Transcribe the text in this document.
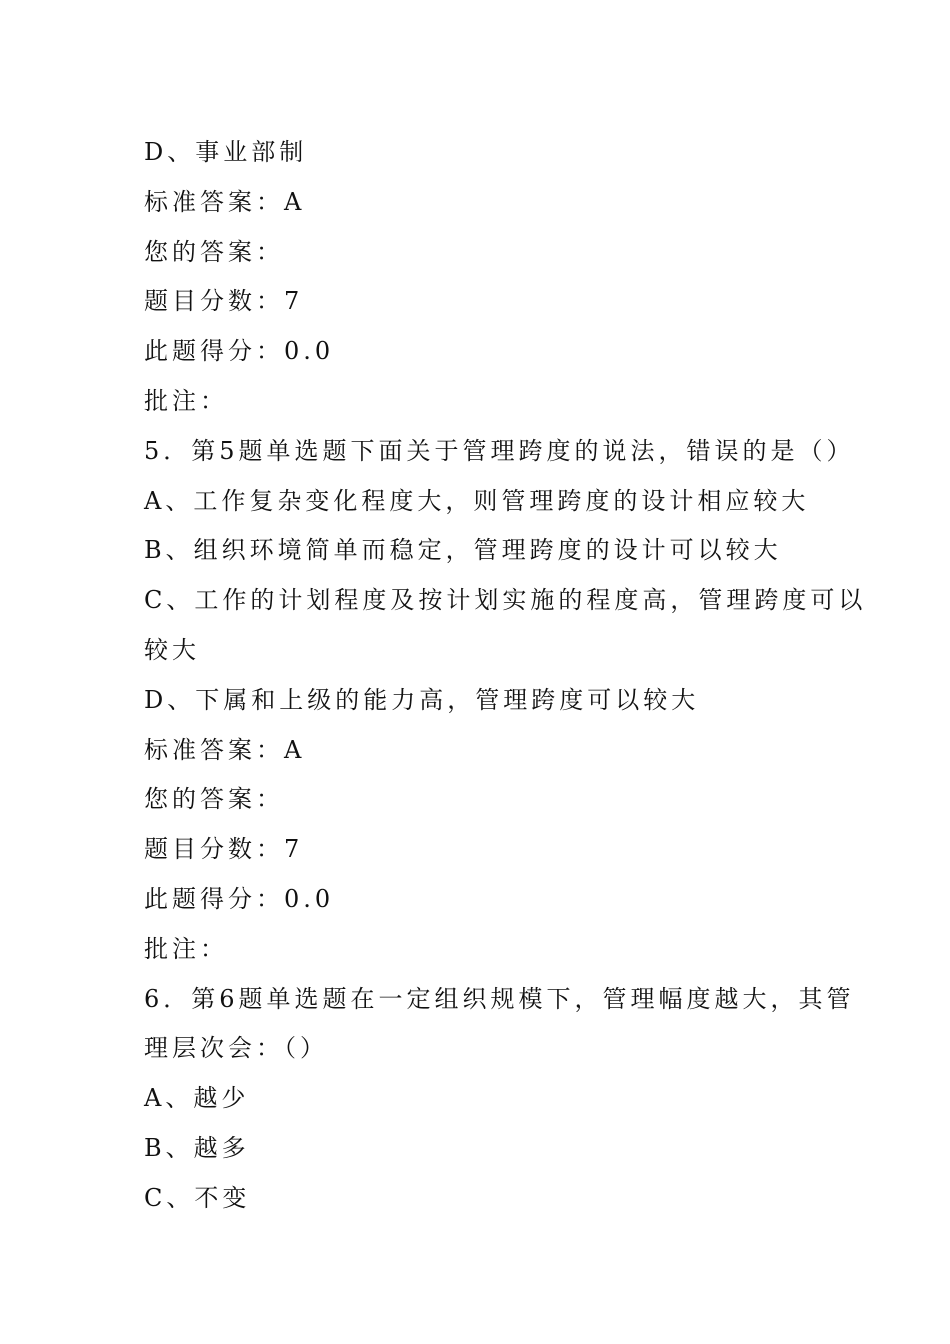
D、事业部制
标准答案：A
您的答案：
题目分数：7
此题得分：0.0
批注：
5．第5题单选题下面关于管理跨度的说法，错误的是（）
A、工作复杂变化程度大，则管理跨度的设计相应较大
B、组织环境简单而稳定，管理跨度的设计可以较大
C、工作的计划程度及按计划实施的程度高，管理跨度可以
较大
D、下属和上级的能力高，管理跨度可以较大
标准答案：A
您的答案：
题目分数：7
此题得分：0.0
批注：
6．第6题单选题在一定组织规模下，管理幅度越大，其管
理层次会：（）
A、越少
B、越多
C、不变
